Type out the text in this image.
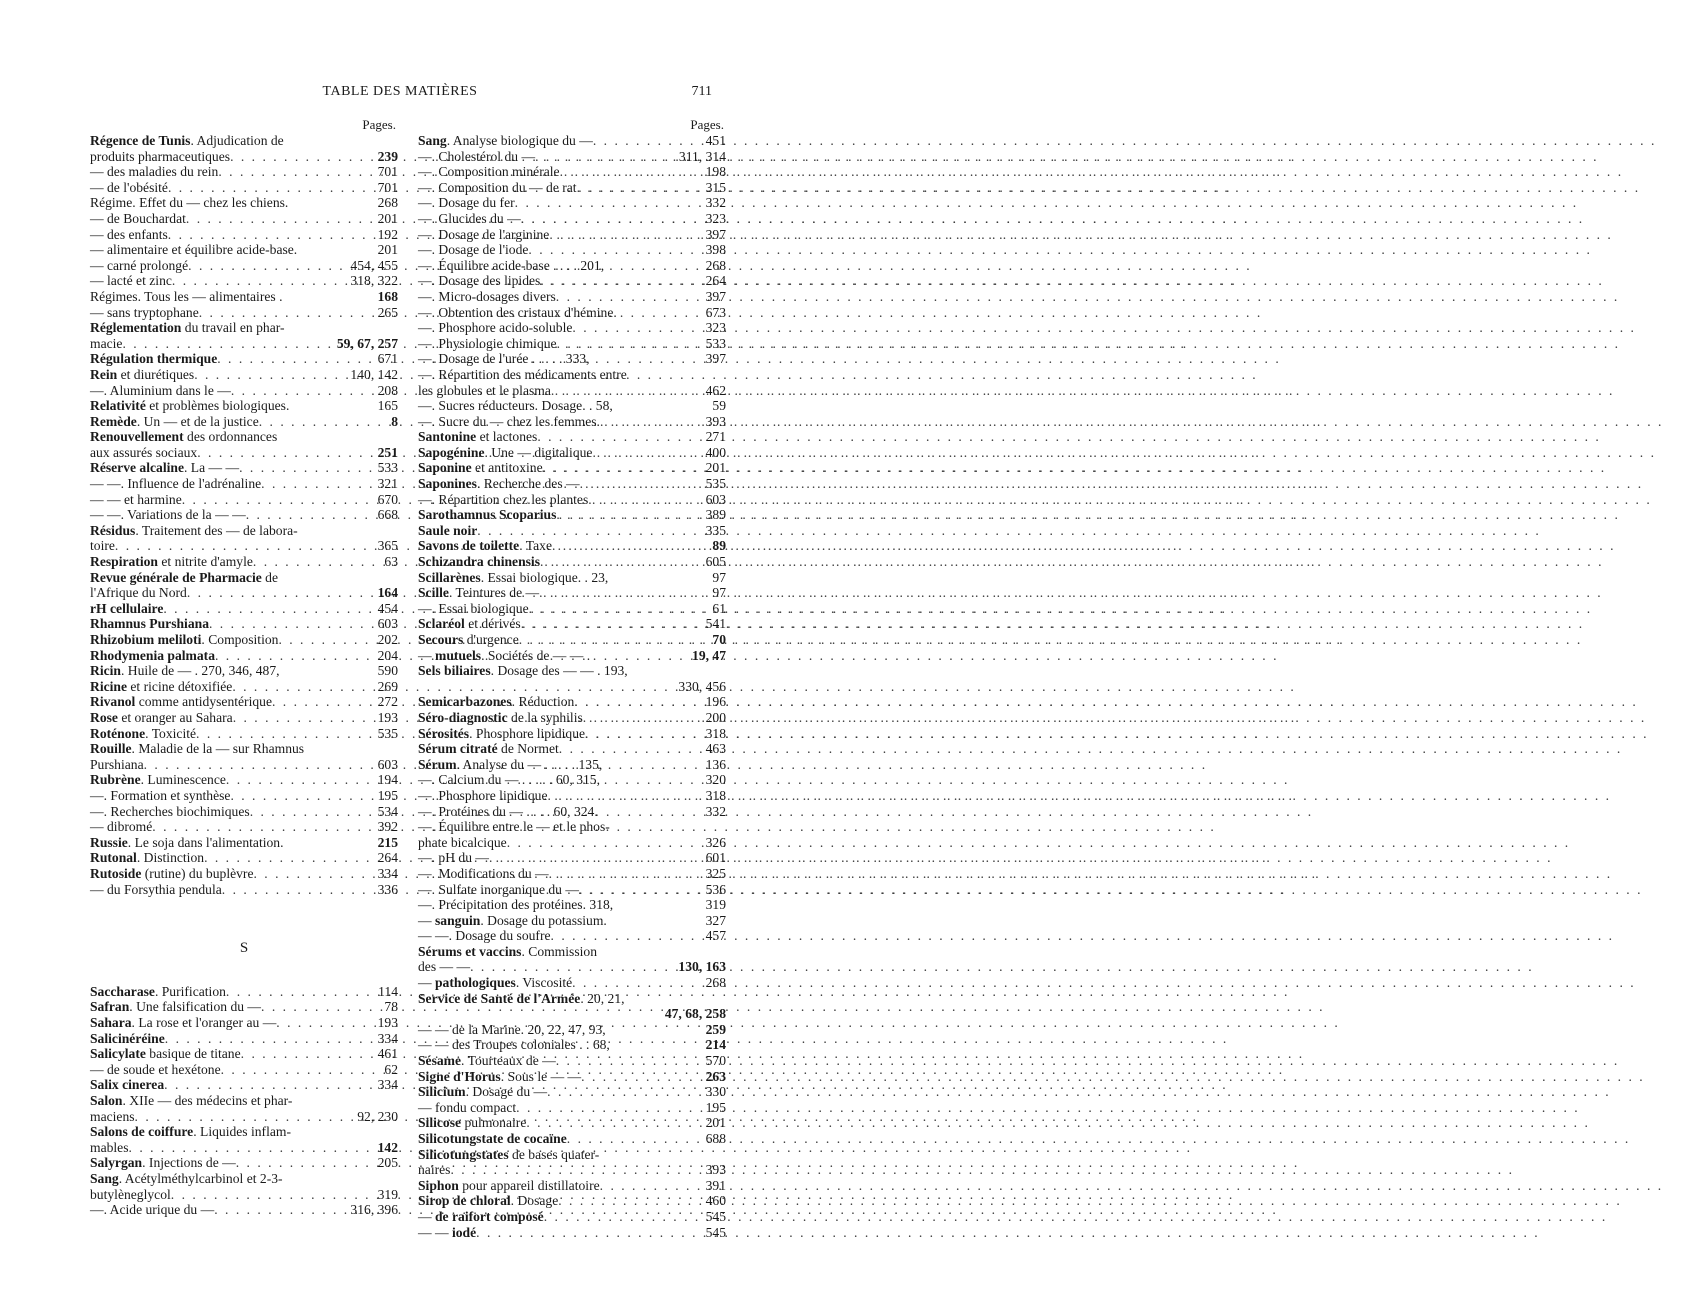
TABLE DES MATIÈRES	711
Pages.
Régence de Tunis. Adjudication de
produits pharmaceutiques . . .	239
— des maladies du rein . . .	701
— de l'obésité . . .	701
Régime. Effet du — chez les chiens.	268
— de Bouchardat . . .	201
— des enfants . . .	192
— alimentaire et équilibre acide-base.	201
— carné prolongé . . .	454, 455
— lacté et zinc . . .	318, 322
Régimes. Tous les — alimentaires .	168
— sans tryptophane . . .	265
Réglementation du travail en phar-
macie . . .	59, 67, 257
Régulation thermique . . .	671
Rein et diurétiques . . .	140, 142
—. Aluminium dans le — . . .	208
Relativité et problèmes biologiques.	165
Remède. Un — et de la justice . . .	8
Renouvellement des ordonnances
aux assurés sociaux . . .	251
Réserve alcaline. La — — . . .	533
— —. Influence de l'adrénaline . . .	321
— — et harmine . . .	670
— —. Variations de la — — . . .	668
Résidus. Traitement des — de labora-
toire . . .	365
Respiration et nitrite d'amyle . . .	63
Revue générale de Pharmacie de
l'Afrique du Nord . . .	164
rH cellulaire . . .	454
Rhamnus Purshiana . . .	603
Rhizobium meliloti. Composition . . .	202
Rhodymenia palmata . . .	204
Ricin. Huile de — . 270, 346, 487,	590
Ricine et ricine détoxifiée . . .	269
Rivanol comme antidysentérique . . .	272
Rose et oranger au Sahara . . .	193
Roténone. Toxicité . . .	535
Rouille. Maladie de la — sur Rhamnus
Purshiana . . .	603
Rubrène. Luminescence . . .	194
—. Formation et synthèse . . .	195
—. Recherches biochimiques . . .	534
— dibromé . . .	392
Russie. Le soja dans l'alimentation.	215
Rutonal. Distinction . . .	264
Rutoside (rutine) du buplèvre . . .	334
— du Forsythia pendula . . .	336
S
Saccharase. Purification . . .	114
Safran. Une falsification du — . . .	78
Sahara. La rose et l'oranger au — . . .	193
Salicinéréine . . .	334
Salicylate basique de titane . . .	461
— de soude et hexétone . . .	62
Salix cinerea . . .	334
Salon. XIIe — des médecins et phar-
maciens . . .	92, 230
Salons de coiffure. Liquides inflam-
mables . . .	142
Salyrgan. Injections de — . . .	205
Sang. Acétylméthylcarbinol et 2-3-
butylèneglycol . . .	319
—. Acide urique du — . . .	316, 396
Pages.
Sang. Analyse biologique du — . . .	451
—. Cholestérol du — . . .	311, 314
—. Composition minérale . . .	198
—. Composition du — de rat . . .	315
—. Dosage du fer . . .	332
—. Glucides du — . . .	323
—. Dosage de l'arginine . . .	397
—. Dosage de l'iode . . .	398
—. Équilibre acide-base . . . . 201,	268
—. Dosage des lipides . . .	264
—. Micro-dosages divers . . .	397
—. Obtention des cristaux d'hémine.	673
—. Phosphore acido-soluble . . .	323
—. Physiologie chimique . . .	533
—. Dosage de l'urée . . . . . 333,	397
—. Répartition des médicaments entre
les globules et le plasma . . .	462
—. Sucres réducteurs. Dosage. . 58,	59
—. Sucre du — chez les femmes. . . .	393
Santonine et lactones . . .	271
Sapogénine. Une — digitalique . . .	400
Saponine et antitoxine . . .	201
Saponines. Recherche des — . . .	535
—. Répartition chez les plantes . . .	603
Sarothamnus Scoparius . . .	389
Saule noir . . .	335
Savons de toilette. Taxe . . .	89
Schizandra chinensis . . .	605
Scillarènes. Essai biologique. . 23,	97
Scille. Teintures de — . . .	97
—. Essai biologique . . .	61
Sclaréol et dérivés . . .	541
Secours d'urgence . . .	70
— mutuels. Sociétés de — — .	19, 47
Sels biliaires. Dosage des — — . 193,
330, 456
Semicarbazones. Réduction . . .	196
Séro-diagnostic de la syphilis . . .	200
Sérosités. Phosphore lipidique . . .	318
Sérum citraté de Normet . . .	463
Sérum. Analyse du — . . . . . 135,	136
—. Calcium du — . . . . . 60, 315,	320
—. Phosphore lipidique . . .	318
—. Protéines du — . . . . 60, 324.	332
—. Équilibre entre le — et le phos-
phate bicalcique . . .	326
—. pH du — . . .	601
—. Modifications du — . . .	325
—. Sulfate inorganique du — . . .	536
—. Précipitation des protéines. 318,	319
— sanguin. Dosage du potassium.	327
— —. Dosage du soufre . . .	457
Sérums et vaccins. Commission
des — — . . .	130, 163
— pathologiques. Viscosité . . .	268
Service de Santé de l'Armée. 20, 21,
47, 68, 258
— — de la Marine. 20, 22, 47, 93,	259
— — des Troupes coloniales . . 68,	214
Sésame. Tourteaux de — . . .	570
Signe d'Horus. Sous le — — . . .	263
Silicium. Dosage du — . . .	330
— fondu compact . . .	195
Silicose pulmonaire . . .	201
Silicotungstate de cocaïne . . .	688
Silicotungstates de bases quater-
naires . . .	393
Siphon pour appareil distillatoire . . .	391
Sirop de chloral. Dosage . . .	460
— de raifort composé . . .	545
— — iodé . . .	545
